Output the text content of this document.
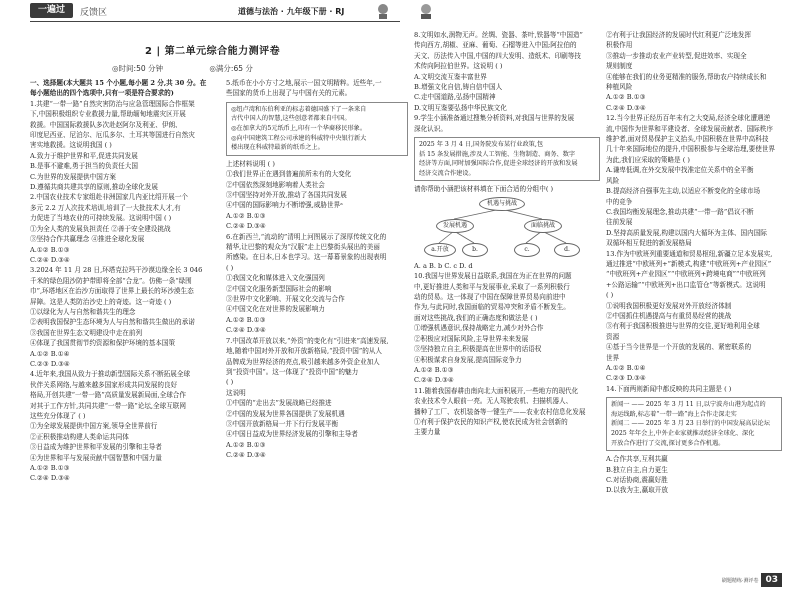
一遍过	反馈区	道德与法治 · 九年级下册 · RJ
2 | 第二单元综合能力测评卷
◎时间:50 分钟	◎满分:65 分

一、选择题(本大题共 15 个小题,每小题 2 分,共 30 分。在

每小题给出的四个选项中,只有一项是符合要求的)

1.共建“一带一路”自然灾害防治与应急管理国际合作框架

下,中国积极组织专业救援力量,帮助缅甸地震灾区开展

救援。中国国际救援队多次赴赵阿尔及利亚、伊朗、

印度尼西亚、尼泊尔、厄瓜多尔、土耳其等国进行自然灾

害实地救援。这说明我国 ( )

A.致力于维护世界和平,促进共同发展

B.是事不避难,勇于担当的负责任大国

C.为世界的发展提供中国方案

D.遵循共商共建共享的原则,推动全球化发展

2.中国农业技术专家组赴非洲国家几内亚比绍开展一个

多元 2.2 万人次技术培训,培训了一大批技术人才,有

力促进了当地农业的可持续发展。这说明中国 ( )

①为全人类的发展负担责任 ②善于安全建设挑战

③坚持合作共赢理念 ④推进全球化发展

A.①② B.①③

C.②④ D.③④

3.2024 年 11 月 28 日,环塔克拉玛干沙漠边缘全长 3 046

千米的绿色阻沙防护带即将全部“合龙”。仿佛一条“绿围

巾”,环塔地区在治沙方面取得了世界上最长的环沙漠生态

屏障。这是人类防治沙史上的奇迹。这一奇迹 ( )

①以绿化为人与自然和谐共生的理念

②表明我国保护生态环境为人与自然和谐共生做出的承诺

③我国在世界生态文明建设中走在前列

④体现了我国贯彻节约资源和保护环境的基本国策

A.①② B.①④

C.②③ D.③④

4.近年来,我国从致力于推动新型国际关系不断拓展全球

伙伴关系网络,与越来越多国家形成共同发展的良好

格局,开创共建“一带一路”高质量发展新局面,全球合作

对其于工作方针,共同共建“一带一路”论坛,全球互联网

这些充分体现了 ( )

①为全球发展提供中国方案,领导全世界前行

②正积极推动构建人类命运共同体

③日益成为维护世界和平发展的引擎和主导者

④为世界和平与发展贡献中国智慧和中国力量

A.①② B.①③

C.②④ D.③④

5.纸币在小小方寸之地,展示一国文明精粹。近些年,一

些国家的货币上出现了与中国有关的元素。

◎纽卢湾和东伯利亚的标志着德国盛下了一条来自

古代中国人的智慧,这些创意者都来自中国。

◎在加拿大的5元纸币上,印有一个华裔移民形象。

◎向中国建筑工程公司承建的科威特中央银行新大

楼出现在科威特最新的纸币之上。

上述材料说明 ( )

①我们世界正在遇到普遍前所未有的大变化

②中国依然深刻地影响着人类社会

③中国坚持对外开放,推动了各国共同发展

④中国的国际影响力不断增强,威胁世界ᵃ

A.①② B.①③

C.②④ D.③④

6.在新西兰,“流动的”清明上河图展示了深厚传统文化的

精华,让巴黎的观众为“汉服”走上巴黎街头展出的美丽

所感染。在日本,日本也学习。这一幕幕景象的出现表明

( )

①我国文化和媒体进入文化强国列

②中国文化服务新型国际社会的影响

③世界中文化影响、开展文化交流与合作

④中国文化在对世界的发展影响力

A.①② B.①③

C.②④ D.③④

7.中国改革开放以来,“外资”的变化有“引进来”高速发展,

地,随着中国对外开放和开放新格局,“投资中国”的从人

品牌成为世界经济的亮点,吸引越来越多外资企业加人

到“投资中国”。这一体现了“投资中国”的魅力

( )

这说明

①中国的“走出去”发展战略已经推进

②中国的发展为世界各国提供了发展机遇

③中国开放新格局一并下行行发展平衡

④中国日益成为世界经济发展的引擎和主导者

A.①② B.①③

C.②④ D.③④

8.文明如水,润物无声。丝绸、瓷器、茶叶,铁器等“中国造”

传向西方,胡椒、亚麻、葡萄、石榴等进入中国;阿拉伯的

天文、历法传入中国,中国的四大发明、造纸术、印刷等技

术传向阿拉伯世界。这说明 ( )

A.文明交流互鉴丰富世界

B.增强文化自信,铸自信中国人

C.走中国道路,弘扬中国精神

D.文明互鉴要弘扬中华民族文化

9.学生小涵准备通过搜集分析资料,对我国与世界的发展

深化认识。

2025 年 3 月 4 日,国务院发布某行业政策,包

括 15 条发展措施,涉及人工智能、生物制造、商务、数字

经济等方面,同时加强国际合作,促进全球经济的开放和发展

经济交流合作建设。

请你帮助小涵把该材料填在下面合适的分组中( )

机遇与挑战
发展机遇	面临挑战
a.开放	b.	c.	d.

A. a B. b C. c D. d

10.我国与世界发展日益联系,我国在为正在世界的问题

中,更好推进人类和平与发展事业,采取了一系列积极行

动的贸易。这一体现了中国在保障世界贸易向前进中

作为,与此同时,我国面临的贸易冲突和矛盾不断发生。

面对这些挑战,我们的正确态度和做法是 ( )

①增强机遇意识,保持战略定力,减少对外合作

②积极应对国际风险,主导世界未来发展

③坚持独立自主,积极提高在世界中的话语权

④积极谋求自身发展,提高国际竞争力

A.①② B.①③

C.②④ D.③④

11.随着我国春耕由南向北大面积展开,一些地方的现代化

农业技术令人眼前一亮。无人驾驶农机、扫描机器人、

播种了工厂、农机装备等一键生产——农业农村信息化发展

①有利于保护农民的知识产权,使农民成为社会创新的

主要力量

②有利于让我国经济的发展时代红利更广泛地发挥

积极作用

③推动一步推动农业产业转型,促进效率、实现全

规则制度

④能够在我们的业务更精准的服务,帮助农户持续成长和

种植风险

A.①② B.①③

C.②④ D.③④

12.当今世界正经历百年未有之大变局,经济全球化遭遇逆

流,中国作为世界和平建设者、全球发展贡献者、国际秩序

维护者,面对贸易保护主义抬头,中国积极在世界中高科技

几十年来国际地位的提升,中国积极参与全球治理,要使世界

为此,我们应采取的策略是 ( )

A.谦卑低调,在外交发展中找准定位关系中的全平衡

风险

B.提高经济自强事先主动,以适应不断变化的全球市场

中的竞争

C.我国均衡发展理念,推动共建“一带一路”倡议不断

往前发展

D.坚持高质量发展,构建以国内大循环为主体、国内国际

双循环相互促进的新发展格局

13.作为中欧班列重要通道和贸易枢纽,新疆立足本发展实,

通过推进“中欧班列+”新模式,构建“中欧班列+产业园区”

“中欧班列+产业园区”“中欧班列+跨境电商”“中欧班列

+公路运输”“中欧班列+出口监管仓”等新模式。这说明

( )

①说明我国积极更好发展对外开放经济体制

②中国抓住机遇提高与有重贸易经营的挑战

③有利于我国积极推进与世界的交往,更好地利用全球

资源

④基于当今世界是一个开放的发展的、紧密联系的

世界

A.①② B.①④

C.②③ D.③④

14.下面两则新闻中都反映的共同主题是 ( )

新闻一 —— 2025 年 3 月 11 日,以宁波舟山港为起点的

海运线路,标志着“一带一路”海上合作走深走实

新闻二 —— 2025 年 3 月 23 日举行的中国发展高层论坛

2025 年年会上,中外企业家就推动经济全球化、深化

开放合作进行了交流,探讨更多合作机遇。

A.合作共享,互利共赢

B.独立自主,自力更生

C.对话协商,震赢好胜

D.以我为主,赢取开放

刷题精练·测评卷 03
